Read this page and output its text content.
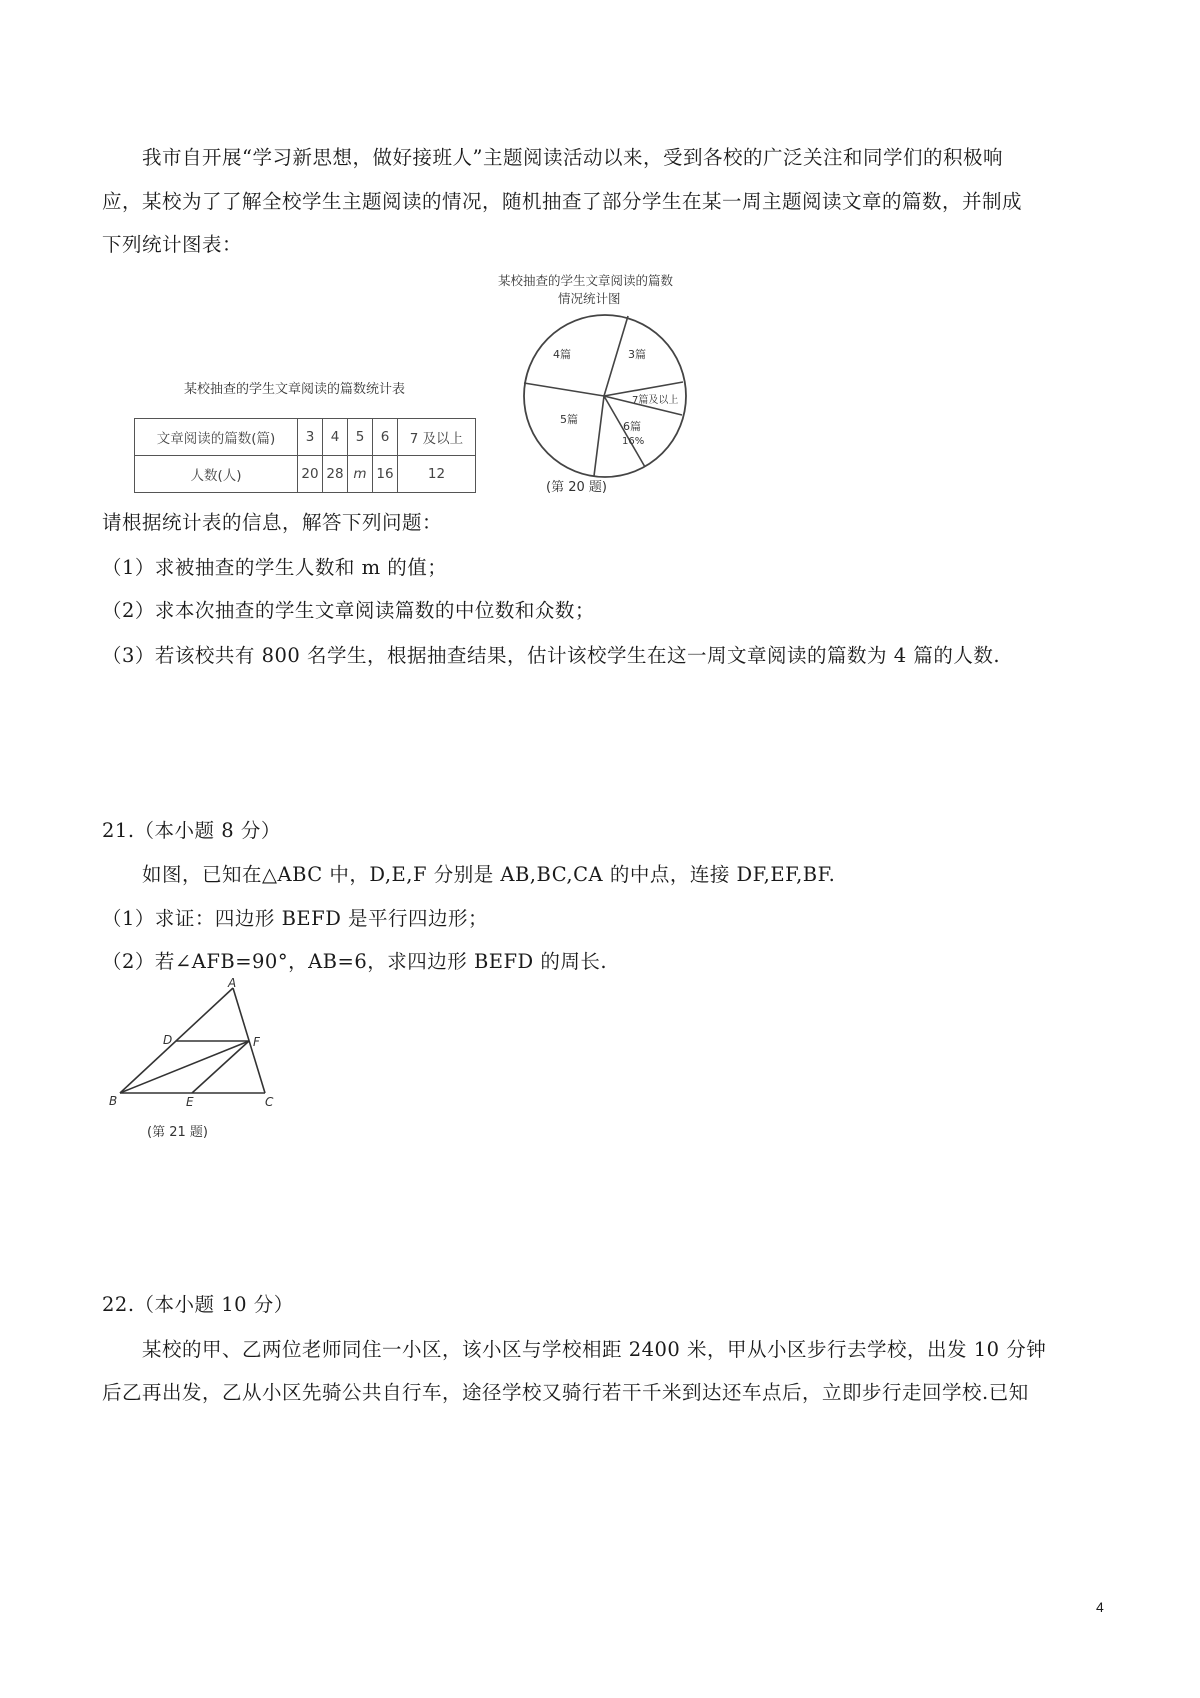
我市自开展“学习新思想，做好接班人”主题阅读活动以来，受到各校的广泛关注和同学们的积极响
应，某校为了了解全校学生主题阅读的情况，随机抽查了部分学生在某一周主题阅读文章的篇数，并制成
下列统计图表：
某校抽查的学生文章阅读的篇数统计表
文章阅读的篇数(篇)	3	4	5	6	7 及以上
人数(人)	20	28	m	16	12
某校抽查的学生文章阅读的篇数
情况统计图
4篇	3篇
7篇及以上
5篇
6篇
16%
(第 20 题)
请根据统计表的信息，解答下列问题：
（1）求被抽查的学生人数和 m 的值；
（2）求本次抽查的学生文章阅读篇数的中位数和众数；
（3）若该校共有 800 名学生，根据抽查结果，估计该校学生在这一周文章阅读的篇数为 4 篇的人数.
21.（本小题 8 分）
如图，已知在△ABC 中，D,E,F 分别是 AB,BC,CA 的中点，连接 DF,EF,BF.
（1）求证：四边形 BEFD 是平行四边形；
（2）若∠AFB=90°，AB=6，求四边形 BEFD 的周长.
A
D	F
B	E	C
(第 21 题)
22.（本小题 10 分）
某校的甲、乙两位老师同住一小区，该小区与学校相距 2400 米，甲从小区步行去学校，出发 10 分钟
后乙再出发，乙从小区先骑公共自行车，途径学校又骑行若干千米到达还车点后，立即步行走回学校.已知
4
